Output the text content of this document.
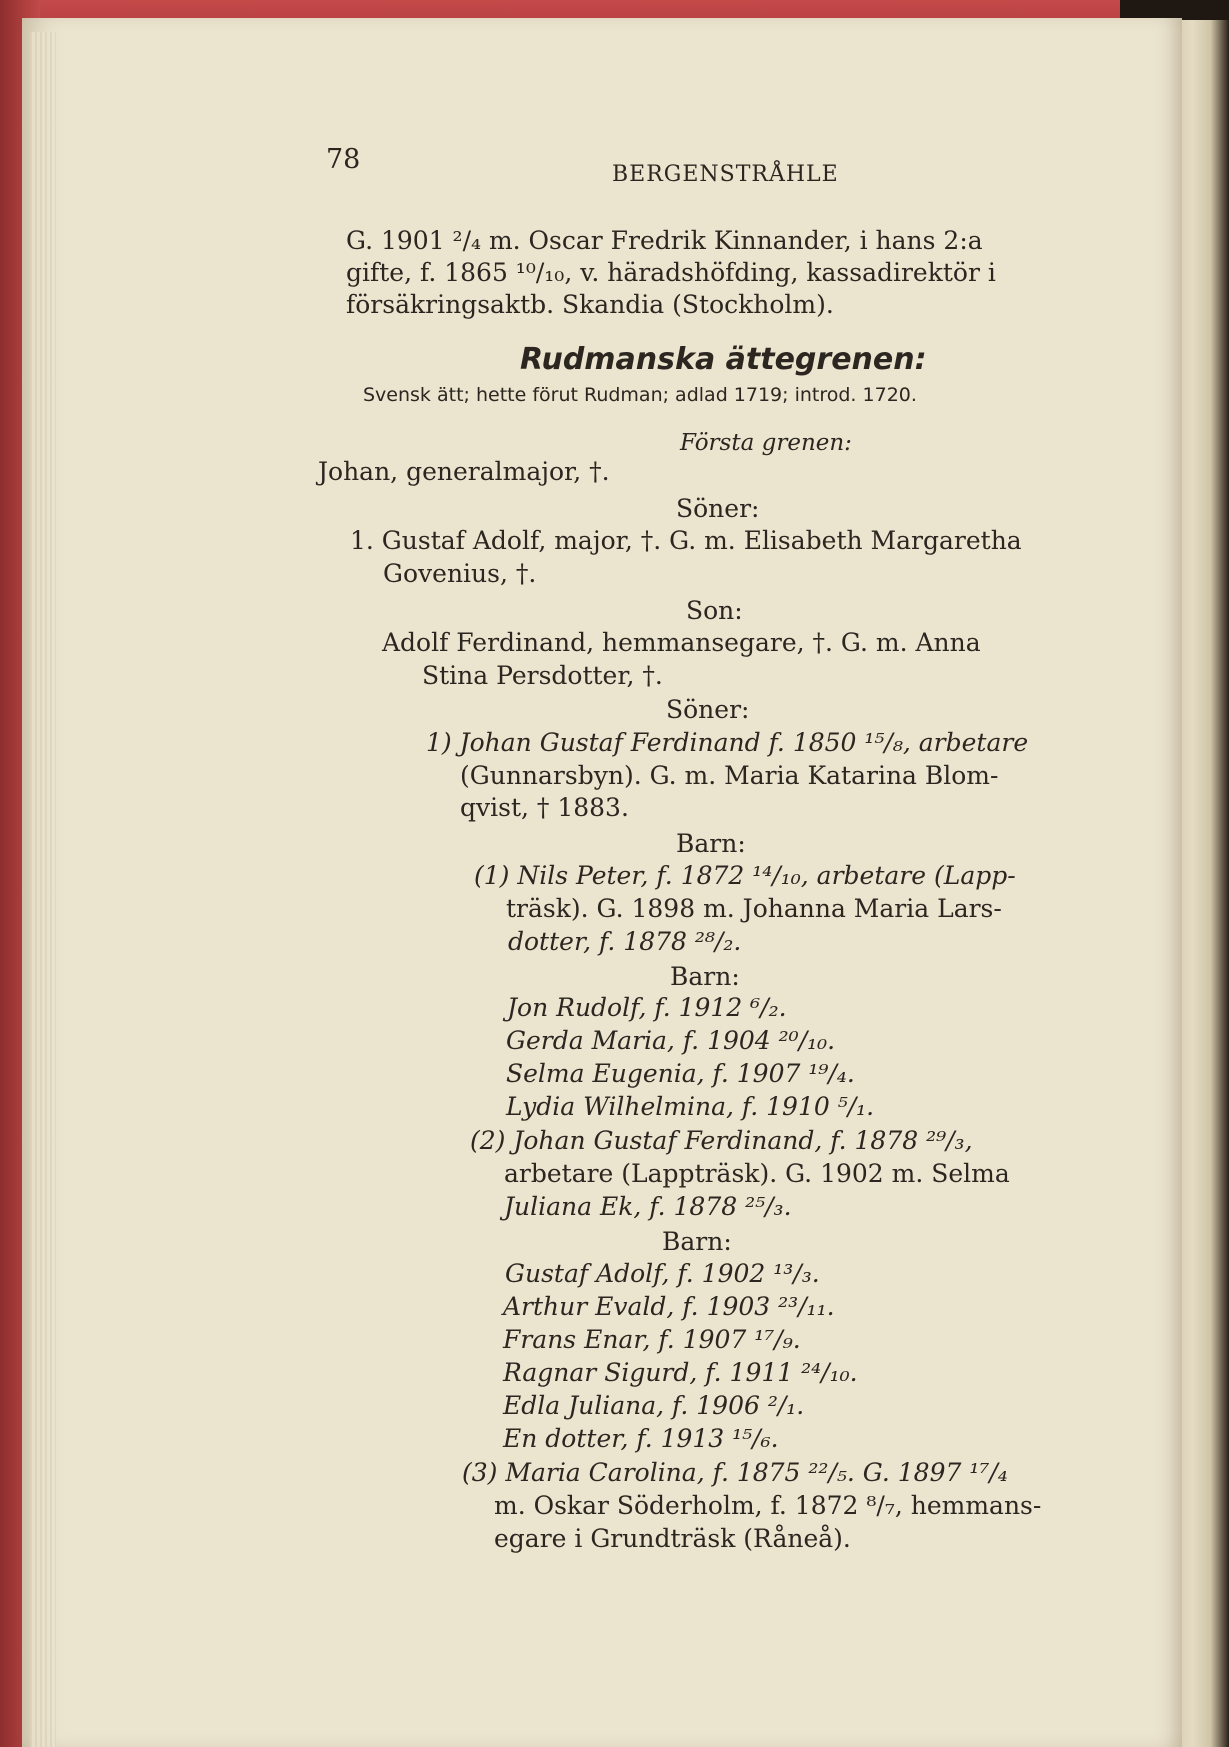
78	BERGENSTRÅHLE
G. 1901 ²/₄ m. Oscar Fredrik Kinnander, i hans 2:a
gifte, f. 1865 ¹⁰/₁₀, v. häradshöfding, kassadirektör i
försäkringsaktb. Skandia (Stockholm).
Rudmanska ättegrenen:
Svensk ätt; hette förut Rudman; adlad 1719; introd. 1720.
Första grenen:
Johan, generalmajor, †.
Söner:
1. Gustaf Adolf, major, †. G. m. Elisabeth Margaretha
Govenius, †.
Son:
Adolf Ferdinand, hemmansegare, †. G. m. Anna
Stina Persdotter, †.
Söner:
1) Johan Gustaf Ferdinand f. 1850 ¹⁵/₈, arbetare
(Gunnarsbyn). G. m. Maria Katarina Blom-
qvist, † 1883.
Barn:
(1) Nils Peter, f. 1872 ¹⁴/₁₀, arbetare (Lapp-
träsk). G. 1898 m. Johanna Maria Lars-
dotter, f. 1878 ²⁸/₂.
Barn:
Jon Rudolf, f. 1912 ⁶/₂.
Gerda Maria, f. 1904 ²⁰/₁₀.
Selma Eugenia, f. 1907 ¹⁹/₄.
Lydia Wilhelmina, f. 1910 ⁵/₁.
(2) Johan Gustaf Ferdinand, f. 1878 ²⁹/₃,
arbetare (Lappträsk). G. 1902 m. Selma
Juliana Ek, f. 1878 ²⁵/₃.
Barn:
Gustaf Adolf, f. 1902 ¹³/₃.
Arthur Evald, f. 1903 ²³/₁₁.
Frans Enar, f. 1907 ¹⁷/₉.
Ragnar Sigurd, f. 1911 ²⁴/₁₀.
Edla Juliana, f. 1906 ²/₁.
En dotter, f. 1913 ¹⁵/₆.
(3) Maria Carolina, f. 1875 ²²/₅. G. 1897 ¹⁷/₄
m. Oskar Söderholm, f. 1872 ⁸/₇, hemmans-
egare i Grundträsk (Råneå).
